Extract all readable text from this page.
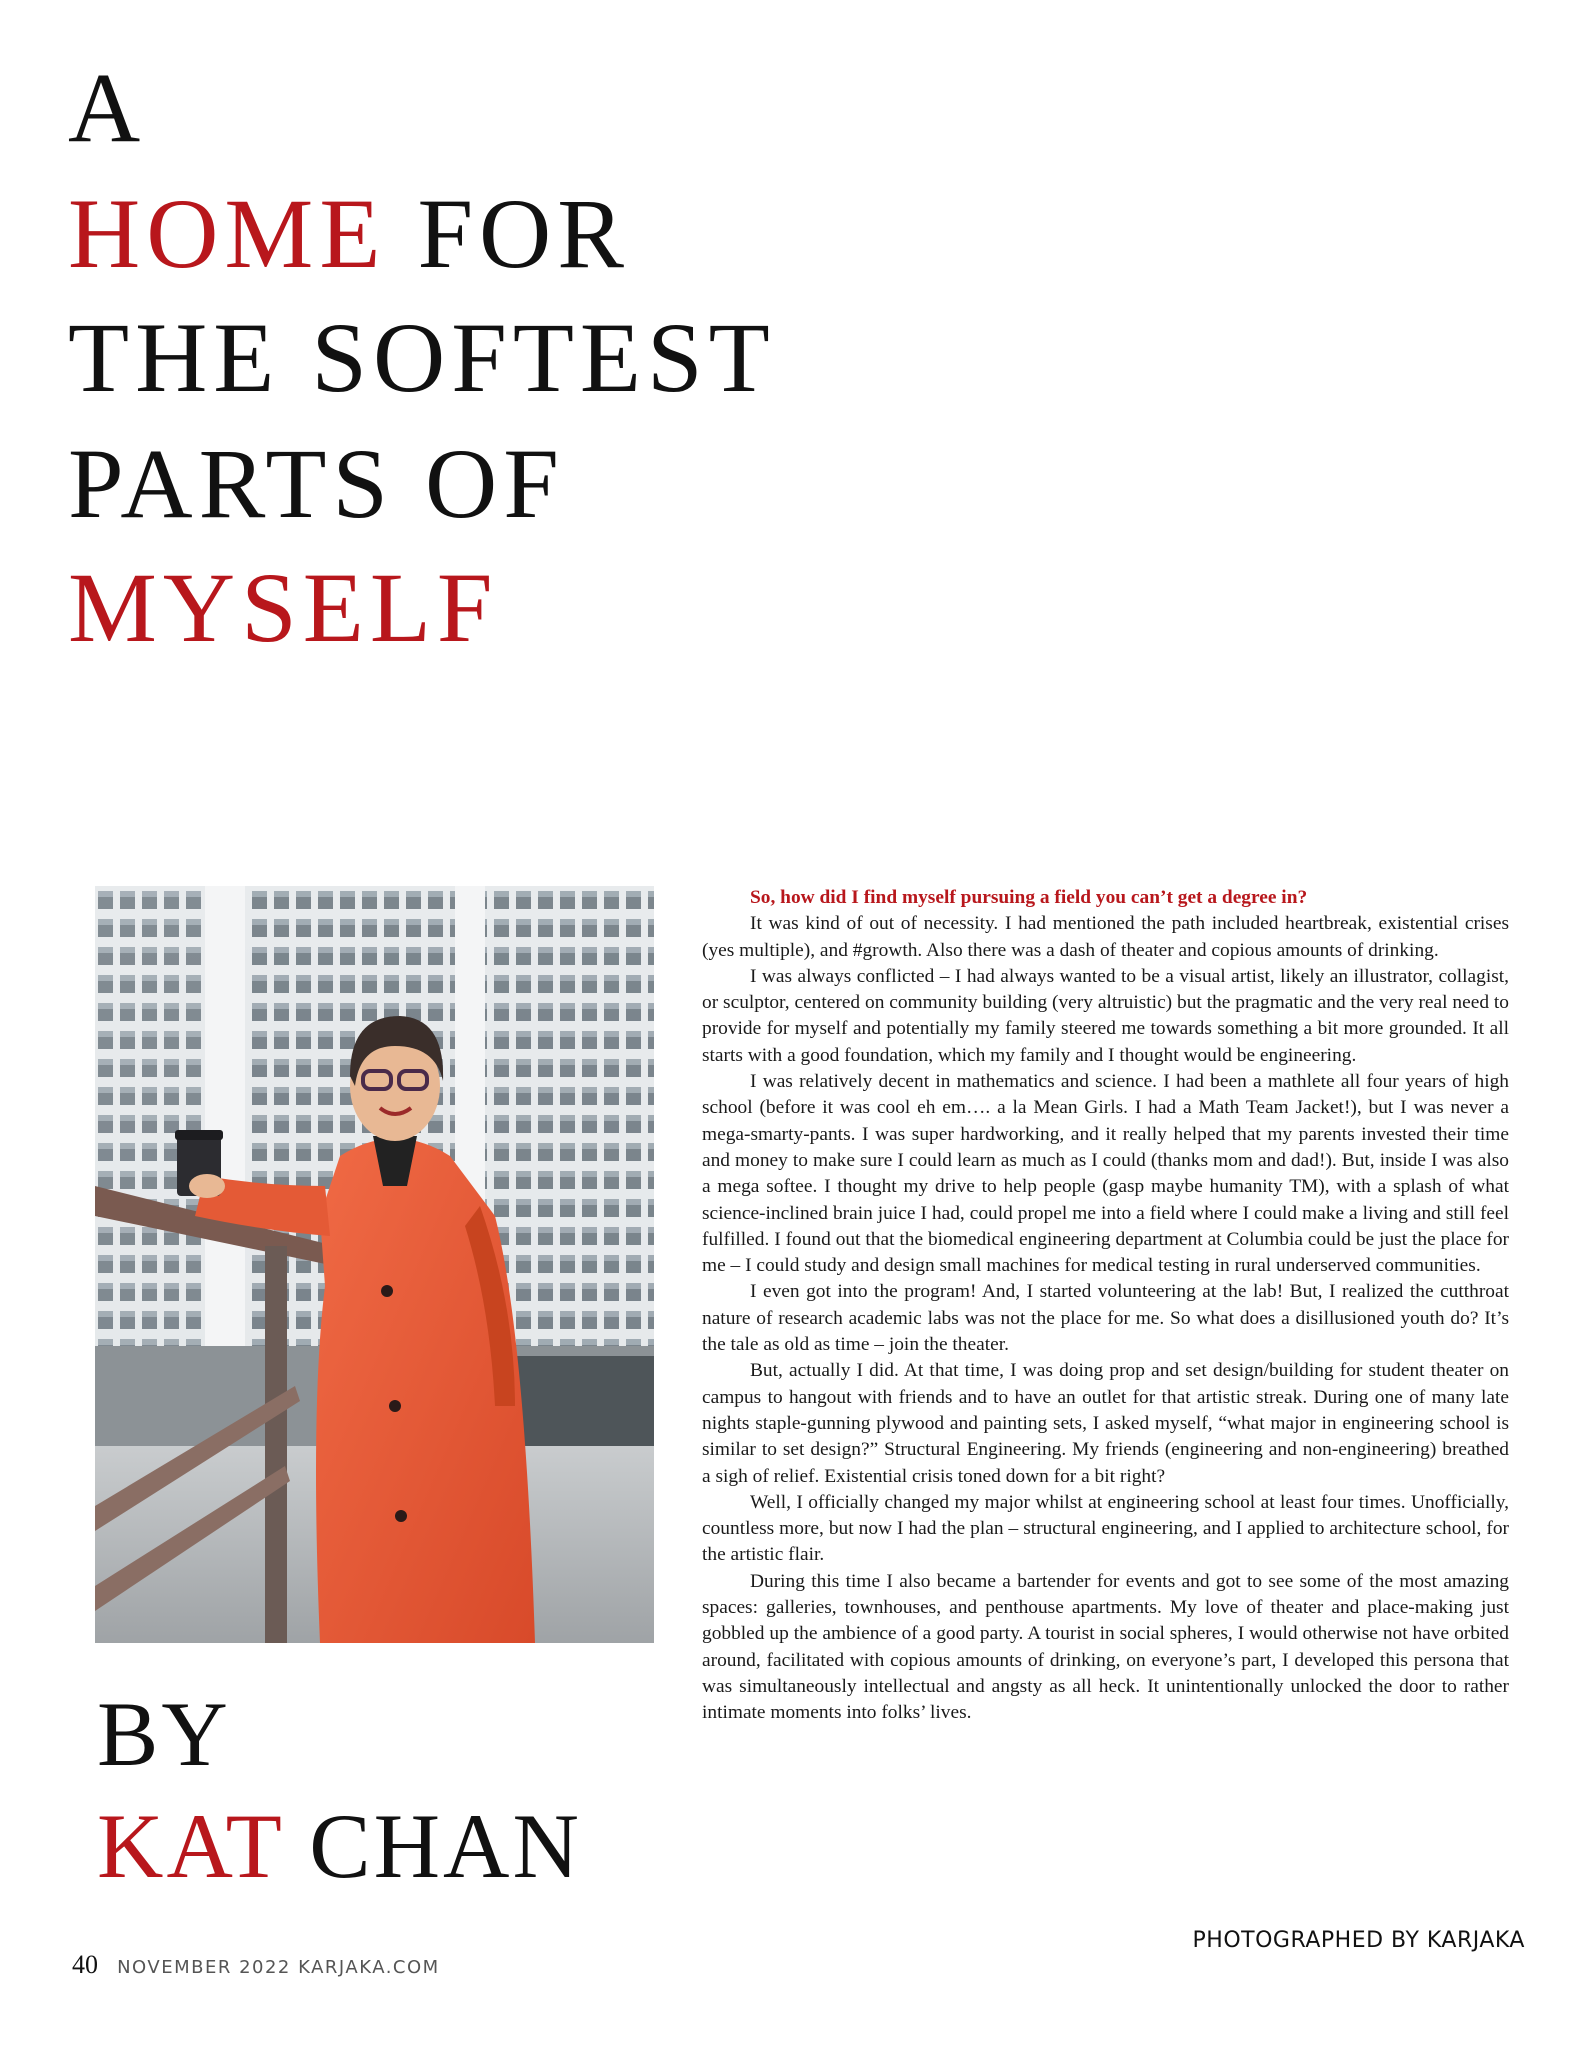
A
HOME FOR
THE SOFTEST
PARTS OF
MYSELF
BY
KAT CHAN

So, how did I find myself pursuing a field you can’t get a degree in?

It was kind of out of necessity. I had mentioned the path included heartbreak, existential crises (yes multiple), and #growth. Also there was a dash of theater and copious amounts of drinking.

I was always conflicted – I had always wanted to be a visual artist, likely an illustrator, collagist, or sculptor, centered on community building (very altruistic) but the pragmatic and the very real need to provide for myself and potentially my family steered me towards something a bit more grounded. It all starts with a good foundation, which my family and I thought would be engineering.

I was relatively decent in mathematics and science. I had been a mathlete all four years of high school (before it was cool eh em…. a la Mean Girls. I had a Math Team Jacket!), but I was never a mega-smarty-pants. I was super hardworking, and it really helped that my parents invested their time and money to make sure I could learn as much as I could (thanks mom and dad!). But, inside I was also a mega softee. I thought my drive to help people (gasp maybe humanity TM), with a splash of what science-inclined brain juice I had, could propel me into a field where I could make a living and still feel fulfilled. I found out that the biomedical engineering department at Columbia could be just the place for me – I could study and design small machines for medical testing in rural underserved communities.

I even got into the program! And, I started volunteering at the lab! But, I realized the cutthroat nature of research academic labs was not the place for me. So what does a disillusioned youth do? It’s the tale as old as time – join the theater.

But, actually I did. At that time, I was doing prop and set design/building for student theater on campus to hangout with friends and to have an outlet for that artistic streak. During one of many late nights staple-gunning plywood and painting sets, I asked myself, “what major in engineering school is similar to set design?” Structural Engineering. My friends (engineering and non-engineering) breathed a sigh of relief. Existential crisis toned down for a bit right?

Well, I officially changed my major whilst at engineering school at least four times. Unofficially, countless more, but now I had the plan – structural engineering, and I applied to architecture school, for the artistic flair.

During this time I also became a bartender for events and got to see some of the most amazing spaces: galleries, townhouses, and penthouse apartments. My love of theater and place-making just gobbled up the ambience of a good party. A tourist in social spheres, I would otherwise not have orbited around, facilitated with copious amounts of drinking, on everyone’s part, I developed this persona that was simultaneously intellectual and angsty as all heck. It unintentionally unlocked the door to rather intimate moments into folks’ lives.

PHOTOGRAPHED BY KARJAKA
40 NOVEMBER 2022 KARJAKA.COM
